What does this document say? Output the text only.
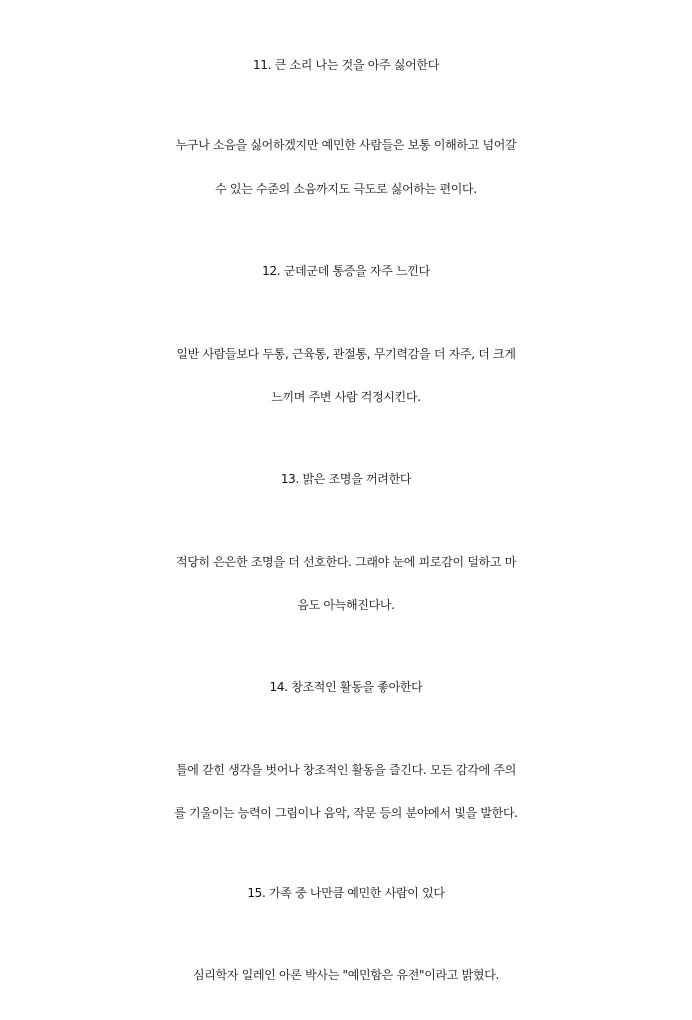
11. 큰 소리 나는 것을 아주 싫어한다
누구나 소음을 싫어하겠지만 예민한 사람들은 보통 이해하고 넘어갈
수 있는 수준의 소음까지도 극도로 싫어하는 편이다.
12. 군데군데 통증을 자주 느낀다
일반 사람들보다 두통, 근육통, 관절통, 무기력감을 더 자주, 더 크게
느끼며 주변 사람 걱정시킨다.
13. 밝은 조명을 꺼려한다
적당히 은은한 조명을 더 선호한다. 그래야 눈에 피로감이 덜하고 마
음도 아늑해진다나.
14. 창조적인 활동을 좋아한다
틀에 갇힌 생각을 벗어나 창조적인 활동을 즐긴다. 모든 감각에 주의
를 기울이는 능력이 그림이나 음악, 작문 등의 분야에서 빛을 발한다.
15. 가족 중 나만큼 예민한 사람이 있다
심리학자 일레인 아론 박사는 "예민함은 유전"이라고 밝혔다.
